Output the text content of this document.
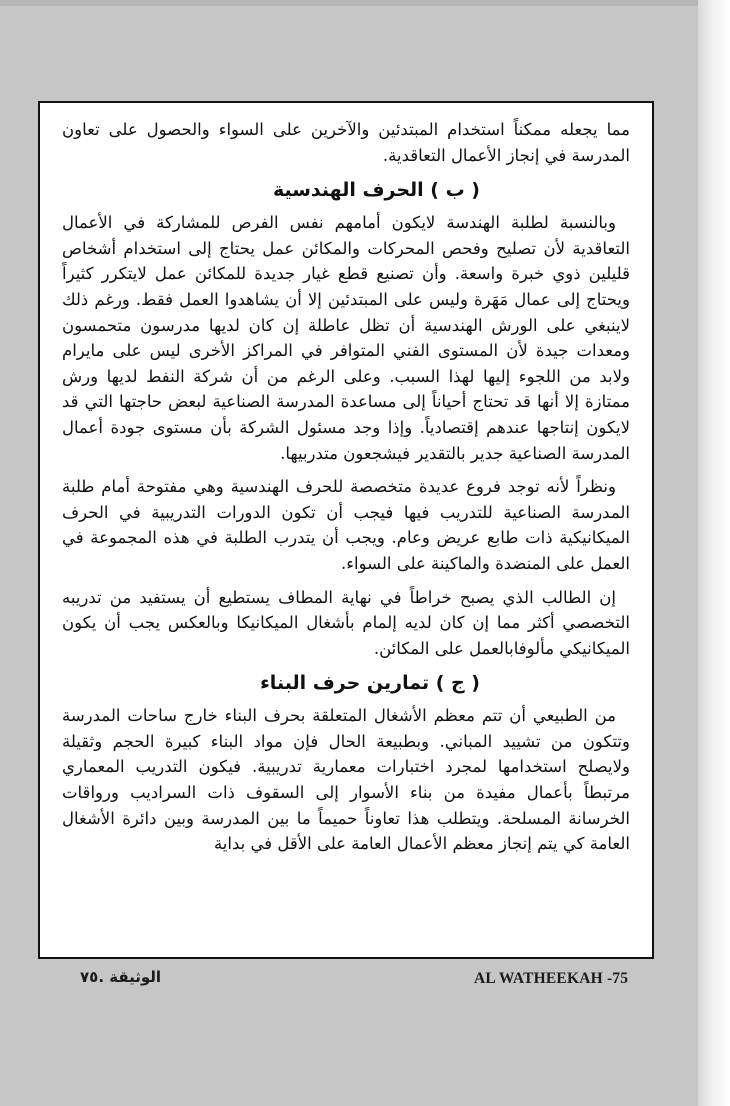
مما يجعله ممكناً استخدام المبتدئين والآخرين على السواء والحصول على تعاون المدرسة في إنجاز الأعمال التعاقدية.

( ب ) الحرف الهندسية

وبالنسبة لطلبة الهندسة لايكون أمامهم نفس الفرص للمشاركة في الأعمال التعاقدية لأن تصليح وفحص المحركات والمكائن عمل يحتاج إلى استخدام أشخاص قليلين ذوي خبرة واسعة. وأن تصنيع قطع غيار جديدة للمكائن عمل لايتكرر كثيراً ويحتاج إلى عمال مَهَرة وليس على المبتدئين إلا أن يشاهدوا العمل فقط. ورغم ذلك لاينبغي على الورش الهندسية أن تظل عاطلة إن كان لديها مدرسون متحمسون ومعدات جيدة لأن المستوى الفني المتوافر في المراكز الأخرى ليس على مايرام ولابد من اللجوء إليها لهذا السبب. وعلى الرغم من أن شركة النفط لديها ورش ممتازة إلا أنها قد تحتاج أحياناً إلى مساعدة المدرسة الصناعية لبعض حاجتها التي قد لايكون إنتاجها عندهم إقتصادياً. وإذا وجد مسئول الشركة بأن مستوى جودة أعمال المدرسة الصناعية جدير بالتقدير فيشجعون متدربيها.

ونظراً لأنه توجد فروع عديدة متخصصة للحرف الهندسية وهي مفتوحة أمام طلبة المدرسة الصناعية للتدريب فيها فيجب أن تكون الدورات التدريبية في الحرف الميكانيكية ذات طابع عريض وعام. ويجب أن يتدرب الطلبة في هذه المجموعة في العمل على المنضدة والماكينة على السواء.

إن الطالب الذي يصبح خراطاً في نهاية المطاف يستطيع أن يستفيد من تدريبه التخصصي أكثر مما إن كان لديه إلمام بأشغال الميكانيكا وبالعكس يجب أن يكون الميكانيكي مألوفابالعمل على المكائن.

( ج ) تمارين حرف البناء

من الطبيعي أن تتم معظم الأشغال المتعلقة بحرف البناء خارج ساحات المدرسة وتتكون من تشييد المباني. وبطبيعة الحال فإن مواد البناء كبيرة الحجم وثقيلة ولايصلح استخدامها لمجرد اختبارات معمارية تدريبية. فيكون التدريب المعماري مرتبطاً بأعمال مفيدة من بناء الأسوار إلى السقوف ذات السراديب ورواقات الخرسانة المسلحة. ويتطلب هذا تعاوناً حميماً ما بين المدرسة وبين دائرة الأشغال العامة كي يتم إنجاز معظم الأعمال العامة على الأقل في بداية

الوثيقة .٧٥	AL WATHEEKAH -75
